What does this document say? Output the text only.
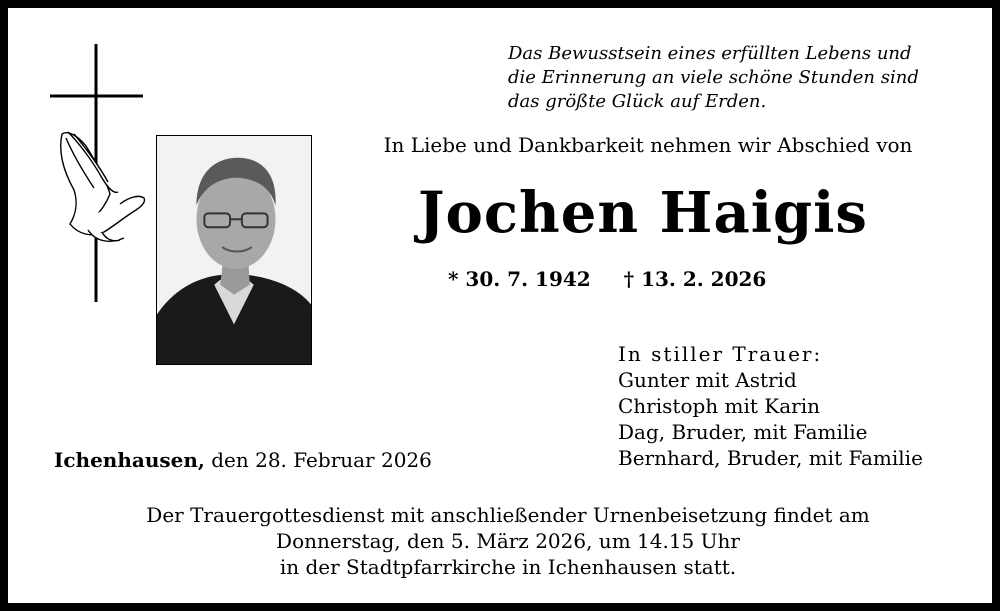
Das Bewusstsein eines erfüllten Lebens und
die Erinnerung an viele schöne Stunden sind
das größte Glück auf Erden.
In Liebe und Dankbarkeit nehmen wir Abschied von
Jochen Haigis
* 30. 7. 1942 † 13. 2. 2026
In stiller Trauer:
Gunter mit Astrid
Christoph mit Karin
Dag, Bruder, mit Familie
Bernhard, Bruder, mit Familie
Ichenhausen, den 28. Februar 2026
Der Trauergottesdienst mit anschließender Urnenbeisetzung findet am
Donnerstag, den 5. März 2026, um 14.15 Uhr
in der Stadtpfarrkirche in Ichenhausen statt.
